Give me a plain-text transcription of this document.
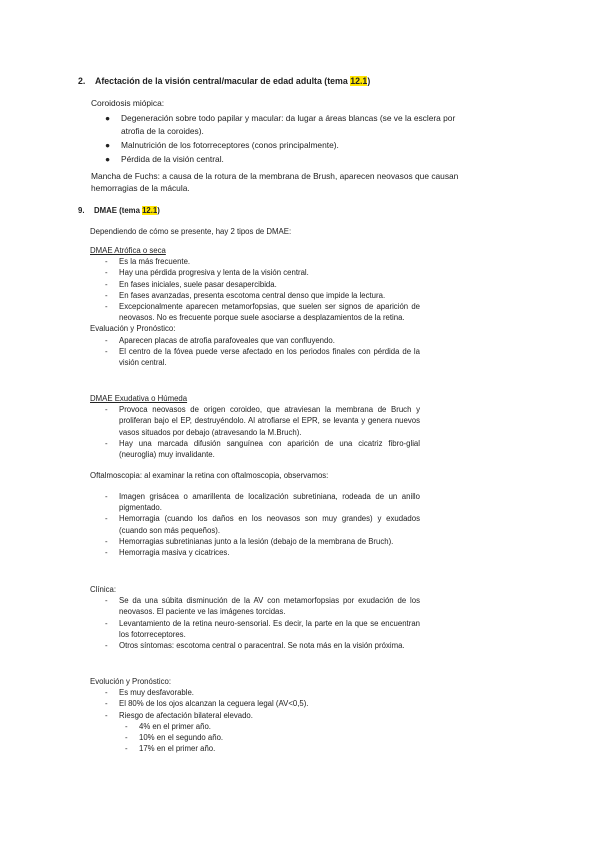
2. Afectación de la visión central/macular de edad adulta (tema 12.1)
Coroidosis miópica:
● Degeneración sobre todo papilar y macular: da lugar a áreas blancas (se ve la esclera por atrofia de la coroides).
● Malnutrición de los fotorreceptores (conos principalmente).
● Pérdida de la visión central.
Mancha de Fuchs: a causa de la rotura de la membrana de Brush, aparecen neovasos que causan hemorragias de la mácula.
9. DMAE (tema 12.1)
Dependiendo de cómo se presente, hay 2 tipos de DMAE:
DMAE Atrófica o seca
- Es la más frecuente.
- Hay una pérdida progresiva y lenta de la visión central.
- En fases iniciales, suele pasar desapercibida.
- En fases avanzadas, presenta escotoma central denso que impide la lectura.
- Excepcionalmente aparecen metamorfopsias, que suelen ser signos de aparición de neovasos. No es frecuente porque suele asociarse a desplazamientos de la retina.
Evaluación y Pronóstico:
- Aparecen placas de atrofia parafoveales que van confluyendo.
- El centro de la fóvea puede verse afectado en los periodos finales con pérdida de la visión central.
DMAE Exudativa o Húmeda
- Provoca neovasos de origen coroideo, que atraviesan la membrana de Bruch y proliferan bajo el EP, destruyéndolo. Al atrofiarse el EPR, se levanta y genera nuevos vasos situados por debajo (atravesando la M.Bruch).
- Hay una marcada difusión sanguínea con aparición de una cicatriz fibro-glial (neuroglia) muy invalidante.
Oftalmoscopia: al examinar la retina con oftalmoscopia, observamos:
- Imagen grisácea o amarillenta de localización subretiniana, rodeada de un anillo pigmentado.
- Hemorragia (cuando los daños en los neovasos son muy grandes) y exudados (cuando son más pequeños).
- Hemorragias subretinianas junto a la lesión (debajo de la membrana de Bruch).
- Hemorragia masiva y cicatrices.
Clínica:
- Se da una súbita disminución de la AV con metamorfopsias por exudación de los neovasos. El paciente ve las imágenes torcidas.
- Levantamiento de la retina neuro-sensorial. Es decir, la parte en la que se encuentran los fotorreceptores.
- Otros síntomas: escotoma central o paracentral. Se nota más en la visión próxima.
Evolución y Pronóstico:
- Es muy desfavorable.
- El 80% de los ojos alcanzan la ceguera legal (AV<0,5).
- Riesgo de afectación bilateral elevado.
- 4% en el primer año.
- 10% en el segundo año.
- 17% en el primer año.
